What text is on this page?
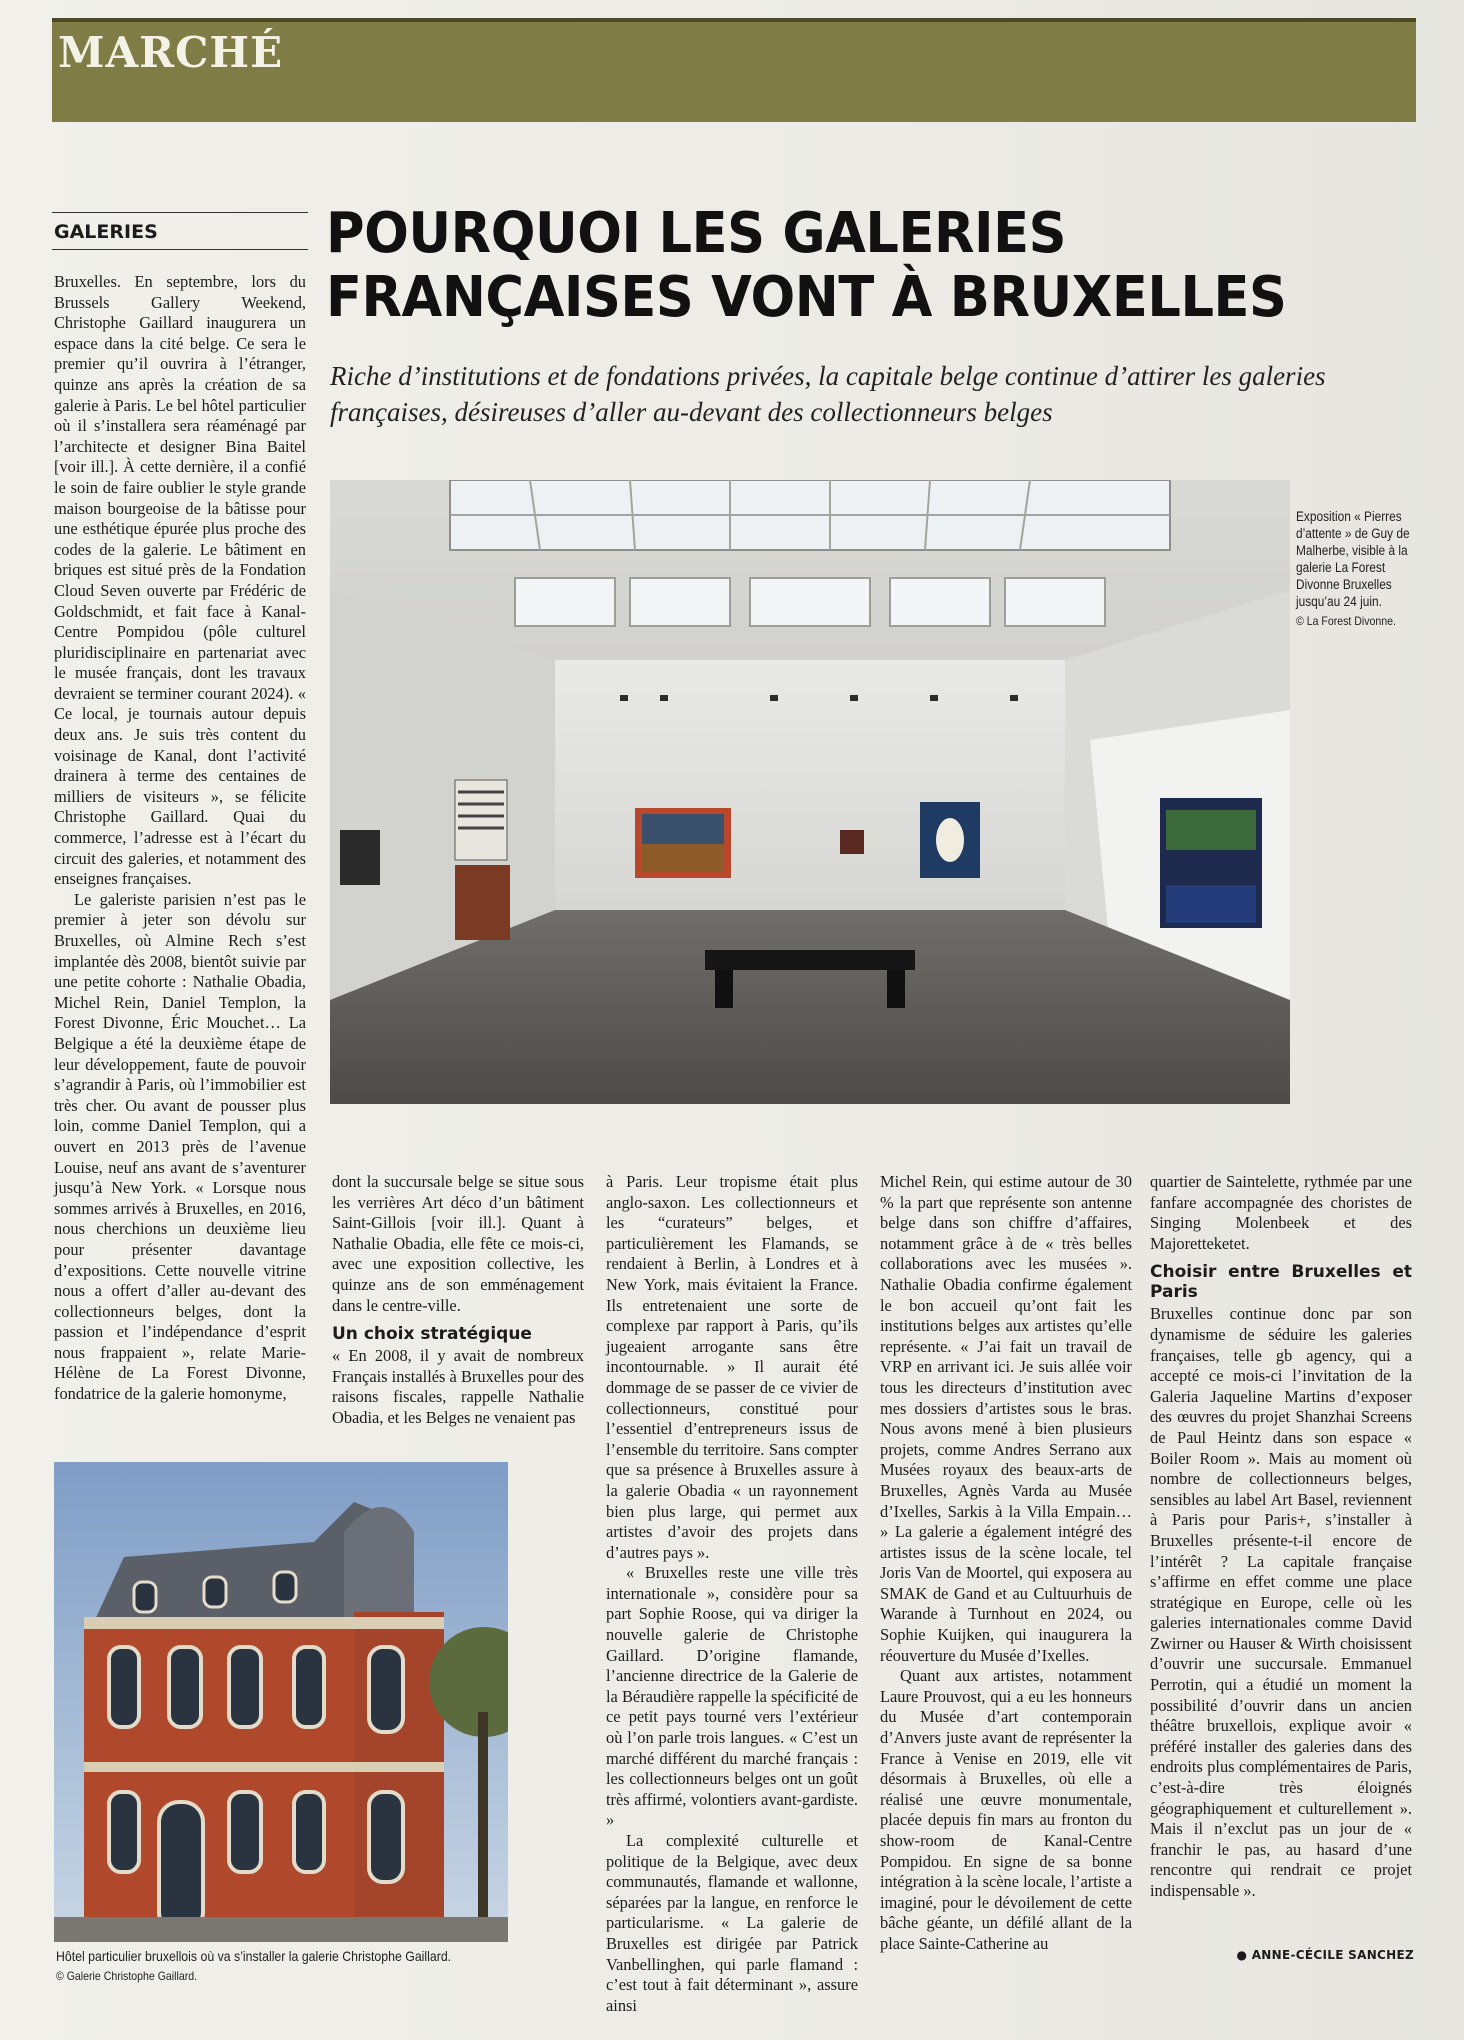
MARCHÉ
GALERIES	POURQUOI LES GALERIES
FRANÇAISES VONT À BRUXELLES

Riche d’institutions et de fondations privées, la capitale belge continue d’attirer les galeries françaises, désireuses d’aller au-devant des collectionneurs belges

Exposition « Pierres d’attente » de Guy de Malherbe, visible à la galerie La Forest Divonne Bruxelles jusqu’au 24 juin.
© La Forest Divonne.
Hôtel particulier bruxellois où va s’installer la galerie Christophe Gaillard.
© Galerie Christophe Gaillard.

Bruxelles. En septembre, lors du Brussels Gallery Weekend, Christophe Gaillard inaugurera un espace dans la cité belge. Ce sera le premier qu’il ouvrira à l’étranger, quinze ans après la création de sa galerie à Paris. Le bel hôtel particulier où il s’installera sera réaménagé par l’architecte et designer Bina Baitel [voir ill.]. À cette dernière, il a confié le soin de faire oublier le style grande maison bourgeoise de la bâtisse pour une esthétique épurée plus proche des codes de la galerie. Le bâtiment en briques est situé près de la Fondation Cloud Seven ouverte par Frédéric de Goldschmidt, et fait face à Kanal-Centre Pompidou (pôle culturel pluridisciplinaire en partenariat avec le musée français, dont les travaux devraient se terminer courant 2024). « Ce local, je tournais autour depuis deux ans. Je suis très content du voisinage de Kanal, dont l’activité drainera à terme des centaines de milliers de visiteurs », se félicite Christophe Gaillard. Quai du commerce, l’adresse est à l’écart du circuit des galeries, et notamment des enseignes françaises.

Le galeriste parisien n’est pas le premier à jeter son dévolu sur Bruxelles, où Almine Rech s’est implantée dès 2008, bientôt suivie par une petite cohorte : Nathalie Obadia, Michel Rein, Daniel Templon, la Forest Divonne, Éric Mouchet… La Belgique a été la deuxième étape de leur développement, faute de pouvoir s’agrandir à Paris, où l’immobilier est très cher. Ou avant de pousser plus loin, comme Daniel Templon, qui a ouvert en 2013 près de l’avenue Louise, neuf ans avant de s’aventurer jusqu’à New York. « Lorsque nous sommes arrivés à Bruxelles, en 2016, nous cherchions un deuxième lieu pour présenter davantage d’expositions. Cette nouvelle vitrine nous a offert d’aller au-devant des collectionneurs belges, dont la passion et l’indépendance d’esprit nous frappaient », relate Marie-Hélène de La Forest Divonne, fondatrice de la galerie homonyme,

dont la succursale belge se situe sous les verrières Art déco d’un bâtiment Saint-Gillois [voir ill.]. Quant à Nathalie Obadia, elle fête ce mois-ci, avec une exposition collective, les quinze ans de son emménagement dans le centre-ville.

Un choix stratégique

« En 2008, il y avait de nombreux Français installés à Bruxelles pour des raisons fiscales, rappelle Nathalie Obadia, et les Belges ne venaient pas

à Paris. Leur tropisme était plus anglo-saxon. Les collectionneurs et les “curateurs” belges, et particulièrement les Flamands, se rendaient à Berlin, à Londres et à New York, mais évitaient la France. Ils entretenaient une sorte de complexe par rapport à Paris, qu’ils jugeaient arrogante sans être incontournable. » Il aurait été dommage de se passer de ce vivier de collectionneurs, constitué pour l’essentiel d’entrepreneurs issus de l’ensemble du territoire. Sans compter que sa présence à Bruxelles assure à la galerie Obadia « un rayonnement bien plus large, qui permet aux artistes d’avoir des projets dans d’autres pays ».

« Bruxelles reste une ville très internationale », considère pour sa part Sophie Roose, qui va diriger la nouvelle galerie de Christophe Gaillard. D’origine flamande, l’ancienne directrice de la Galerie de la Béraudière rappelle la spécificité de ce petit pays tourné vers l’extérieur où l’on parle trois langues. « C’est un marché différent du marché français : les collectionneurs belges ont un goût très affirmé, volontiers avant-gardiste. »

La complexité culturelle et politique de la Belgique, avec deux communautés, flamande et wallonne, séparées par la langue, en renforce le particularisme. « La galerie de Bruxelles est dirigée par Patrick Vanbellinghen, qui parle flamand : c’est tout à fait déterminant », assure ainsi

Michel Rein, qui estime autour de 30 % la part que représente son antenne belge dans son chiffre d’affaires, notamment grâce à de « très belles collaborations avec les musées ». Nathalie Obadia confirme également le bon accueil qu’ont fait les institutions belges aux artistes qu’elle représente. « J’ai fait un travail de VRP en arrivant ici. Je suis allée voir tous les directeurs d’institution avec mes dossiers d’artistes sous le bras. Nous avons mené à bien plusieurs projets, comme Andres Serrano aux Musées royaux des beaux-arts de Bruxelles, Agnès Varda au Musée d’Ixelles, Sarkis à la Villa Empain… » La galerie a également intégré des artistes issus de la scène locale, tel Joris Van de Moortel, qui exposera au SMAK de Gand et au Cultuurhuis de Warande à Turnhout en 2024, ou Sophie Kuijken, qui inaugurera la réouverture du Musée d’Ixelles.

Quant aux artistes, notamment Laure Prouvost, qui a eu les honneurs du Musée d’art contemporain d’Anvers juste avant de représenter la France à Venise en 2019, elle vit désormais à Bruxelles, où elle a réalisé une œuvre monumentale, placée depuis fin mars au fronton du show-room de Kanal-Centre Pompidou. En signe de sa bonne intégration à la scène locale, l’artiste a imaginé, pour le dévoilement de cette bâche géante, un défilé allant de la place Sainte-Catherine au

quartier de Saintelette, rythmée par une fanfare accompagnée des choristes de Singing Molenbeek et des Majoretteketet.

Choisir entre Bruxelles et Paris

Bruxelles continue donc par son dynamisme de séduire les galeries françaises, telle gb agency, qui a accepté ce mois-ci l’invitation de la Galeria Jaqueline Martins d’exposer des œuvres du projet Shanzhai Screens de Paul Heintz dans son espace « Boiler Room ». Mais au moment où nombre de collectionneurs belges, sensibles au label Art Basel, reviennent à Paris pour Paris+, s’installer à Bruxelles présente-t-il encore de l’intérêt ? La capitale française s’affirme en effet comme une place stratégique en Europe, celle où les galeries internationales comme David Zwirner ou Hauser & Wirth choisissent d’ouvrir une succursale. Emmanuel Perrotin, qui a étudié un moment la possibilité d’ouvrir dans un ancien théâtre bruxellois, explique avoir « préféré installer des galeries dans des endroits plus complémentaires de Paris, c’est-à-dire très éloignés géographiquement et culturellement ». Mais il n’exclut pas un jour de « franchir le pas, au hasard d’une rencontre qui rendrait ce projet indispensable ».

● ANNE-CÉCILE SANCHEZ
